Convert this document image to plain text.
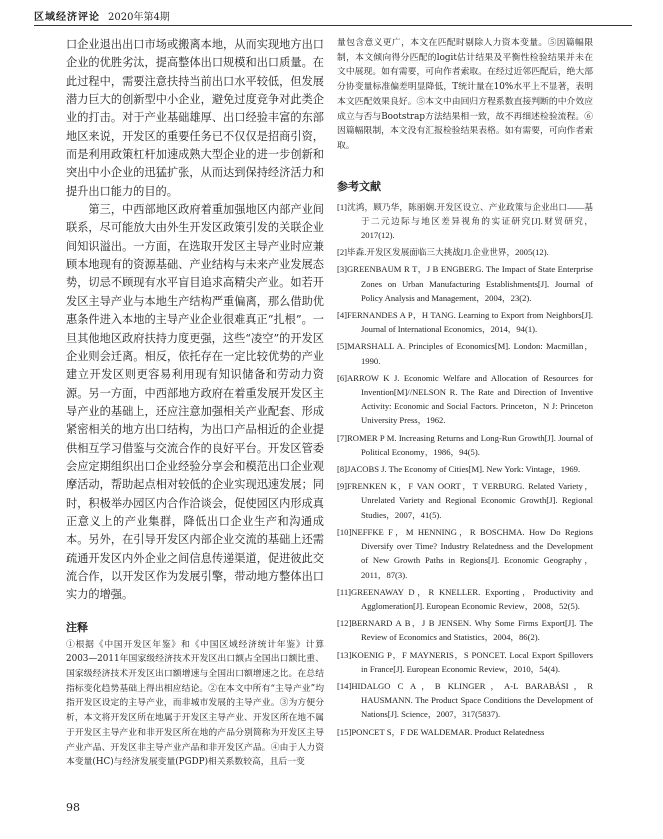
区域经济评论 2020年第4期

口企业退出出口市场或搬离本地，从而实现地方出口企业的优胜劣汰，提高整体出口规模和出口质量。在此过程中，需要注意扶持当前出口水平较低，但发展潜力巨大的创新型中小企业，避免过度竞争对此类企业的打击。对于产业基础雄厚、出口经验丰富的东部地区来说，开发区的重要任务已不仅仅是招商引资，而是利用政策杠杆加速成熟大型企业的进一步创新和突出中小企业的迅猛扩张，从而达到保持经济活力和提升出口能力的目的。

第三，中西部地区政府着重加强地区内部产业间联系，尽可能放大由外生开发区政策引发的关联企业间知识溢出。一方面，在选取开发区主导产业时应兼顾本地现有的资源基础、产业结构与未来产业发展态势，切忌不顾现有水平盲目追求高精尖产业。如若开发区主导产业与本地生产结构严重偏离，那么借助优惠条件进入本地的主导产业企业很难真正“扎根”。一旦其他地区政府扶持力度更强，这些“凌空”的开发区企业则会迁离。相反，依托存在一定比较优势的产业建立开发区则更容易利用现有知识储备和劳动力资源。另一方面，中西部地方政府在着重发展开发区主导产业的基础上，还应注意加强相关产业配套、形成紧密相关的地方出口结构，为出口产品相近的企业提供相互学习借鉴与交流合作的良好平台。开发区管委会应定期组织出口企业经验分享会和模范出口企业观摩活动，帮助起点相对较低的企业实现迅速发展；同时，积极举办园区内合作洽谈会，促使园区内形成真正意义上的产业集群，降低出口企业生产和沟通成本。另外，在引导开发区内部企业交流的基础上还需疏通开发区内外企业之间信息传递渠道，促进彼此交流合作，以开发区作为发展引擎，带动地方整体出口实力的增强。

注释

①根据《中国开发区年鉴》和《中国区域经济统计年鉴》计算2003—2011年国家级经济技术开发区出口额占全国出口额比重、国家级经济技术开发区出口额增速与全国出口额增速之比。在总结指标变化趋势基础上得出相应结论。②在本文中所有“主导产业”均指开发区设定的主导产业，而非城市发展的主导产业。③为方便分析，本文将开发区所在地属于开发区主导产业、开发区所在地不属于开发区主导产业和非开发区所在地的产品分别简称为开发区主导产业产品、开发区非主导产业产品和非开发区产品。④由于人力资本变量(HC)与经济发展变量(PGDP)相关系数较高，且后一变

量包含意义更广，本文在匹配时剔除人力资本变量。⑤因篇幅限制，本文倾向得分匹配的logit估计结果及平衡性检验结果并未在文中展现。如有需要，可向作者索取。在经过近邻匹配后，绝大部分协变量标准偏差明显降低，T统计量在10%水平上不显著，表明本文匹配效果良好。⑤本文中由回归方程系数直接判断的中介效应成立与否与Bootstrap方法结果相一致，故不再细述检验流程。⑥因篇幅限制，本文没有汇报检验结果表格。如有需要，可向作者索取。

参考文献

[1]沈鸿，顾乃华，陈丽娴.开发区设立、产业政策与企业出口——基于二元边际与地区差异视角的实证研究[J].财贸研究，2017(12).

[2]毕森.开发区发展面临三大挑战[J].企业世界，2005(12).

[3]GREENBAUM R T，J B ENGBERG. The Impact of State Enterprise Zones on Urban Manufacturing Establishments[J]. Journal of Policy Analysis and Management，2004，23(2).

[4]FERNANDES A P，H TANG. Learning to Export from Neighbors[J]. Journal of International Economics，2014，94(1).

[5]MARSHALL A. Principles of Economics[M]. London: Macmillan，1990.

[6]ARROW K J. Economic Welfare and Allocation of Resources for Invention[M]//NELSON R. The Rate and Direction of Inventive Activity: Economic and Social Factors. Princeton，N J: Princeton University Press，1962.

[7]ROMER P M. Increasing Returns and Long-Run Growth[J]. Journal of Political Economy，1986，94(5).

[8]JACOBS J. The Economy of Cities[M]. New York: Vintage，1969.

[9]FRENKEN K，F VAN OORT，T VERBURG. Related Variety，Unrelated Variety and Regional Economic Growth[J]. Regional Studies，2007，41(5).

[10]NEFFKE F，M HENNING，R BOSCHMA. How Do Regions Diversify over Time? Industry Relatedness and the Development of New Growth Paths in Regions[J]. Economic Geography，2011，87(3).

[11]GREENAWAY D，R KNELLER. Exporting，Productivity and Agglomeration[J]. European Economic Review，2008，52(5).

[12]BERNARD A B，J B JENSEN. Why Some Firms Export[J]. The Review of Economics and Statistics，2004，86(2).

[13]KOENIG P，F MAYNERIS，S PONCET. Local Export Spillovers in France[J]. European Economic Review，2010，54(4).

[14]HIDALGO C A，B KLINGER，A-L BARABÁSI，R HAUSMANN. The Product Space Conditions the Development of Nations[J]. Science，2007，317(5837).

[15]PONCET S，F DE WALDEMAR. Product Relatedness

98
